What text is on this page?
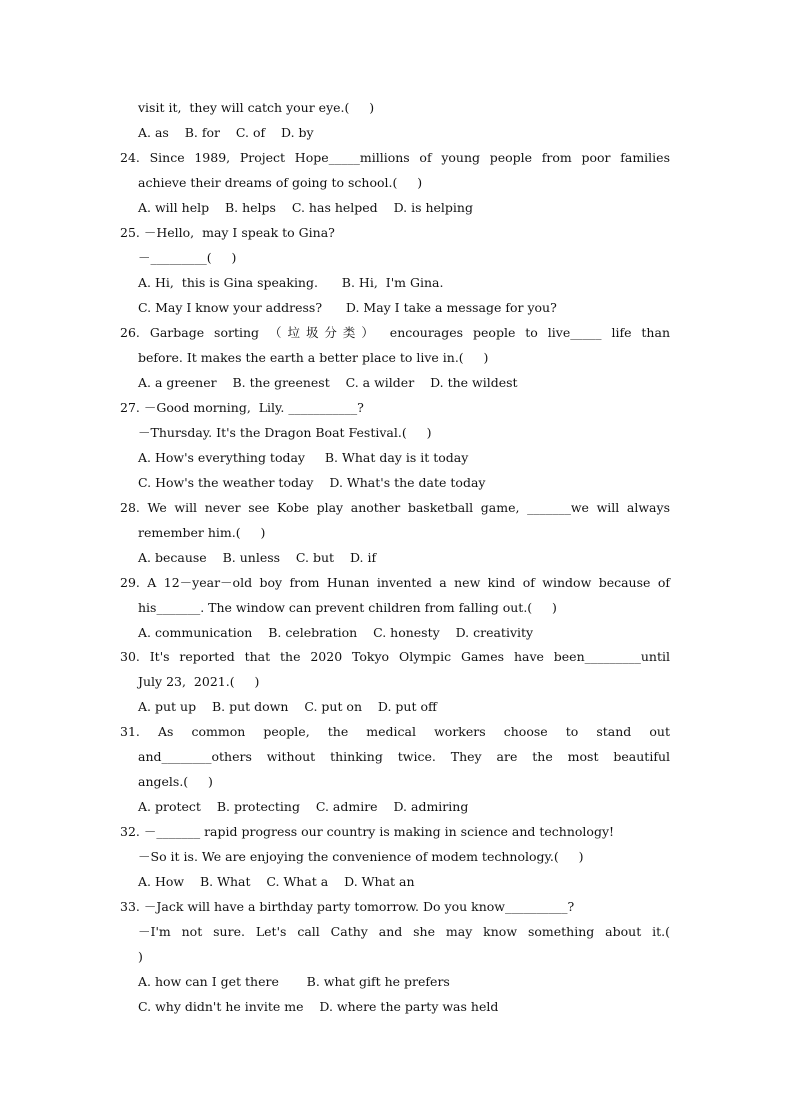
visit it,  they will catch your eye.(     )
A. as    B. for    C. of    D. by
24. Since 1989, Project Hope_____millions of young people from poor families
achieve their dreams of going to school.(     )
A. will help    B. helps    C. has helped    D. is helping
25. －Hello,  may I speak to Gina?
－_________(     )
A. Hi,  this is Gina speaking.      B. Hi,  I'm Gina.
C. May I know your address?      D. May I take a message for you?
26. Garbage sorting （垃圾分类） encourages people to live_____ life than
before. It makes the earth a better place to live in.(     )
A. a greener    B. the greenest    C. a wilder    D. the wildest
27. －Good morning,  Lily. ___________?
－Thursday. It's the Dragon Boat Festival.(     )
A. How's everything today     B. What day is it today
C. How's the weather today    D. What's the date today
28. We will never see Kobe play another basketball game, _______we will always
remember him.(     )
A. because    B. unless    C. but    D. if
29. A 12－year－old boy from Hunan invented a new kind of window because of
his_______. The window can prevent children from falling out.(     )
A. communication    B. celebration    C. honesty    D. creativity
30. It's reported that the 2020 Tokyo Olympic Games have been_________until
July 23,  2021.(     )
A. put up    B. put down    C. put on    D. put off
31. As common people, the medical workers choose to stand out
and________others without thinking twice. They are the most beautiful
angels.(     )
A. protect    B. protecting    C. admire    D. admiring
32. －_______ rapid progress our country is making in science and technology!
－So it is. We are enjoying the convenience of modem technology.(     )
A. How    B. What    C. What a    D. What an
33. －Jack will have a birthday party tomorrow. Do you know__________?
－I'm not sure. Let's call Cathy and she may know something about it.(
)
A. how can I get there       B. what gift he prefers
C. why didn't he invite me    D. where the party was held
